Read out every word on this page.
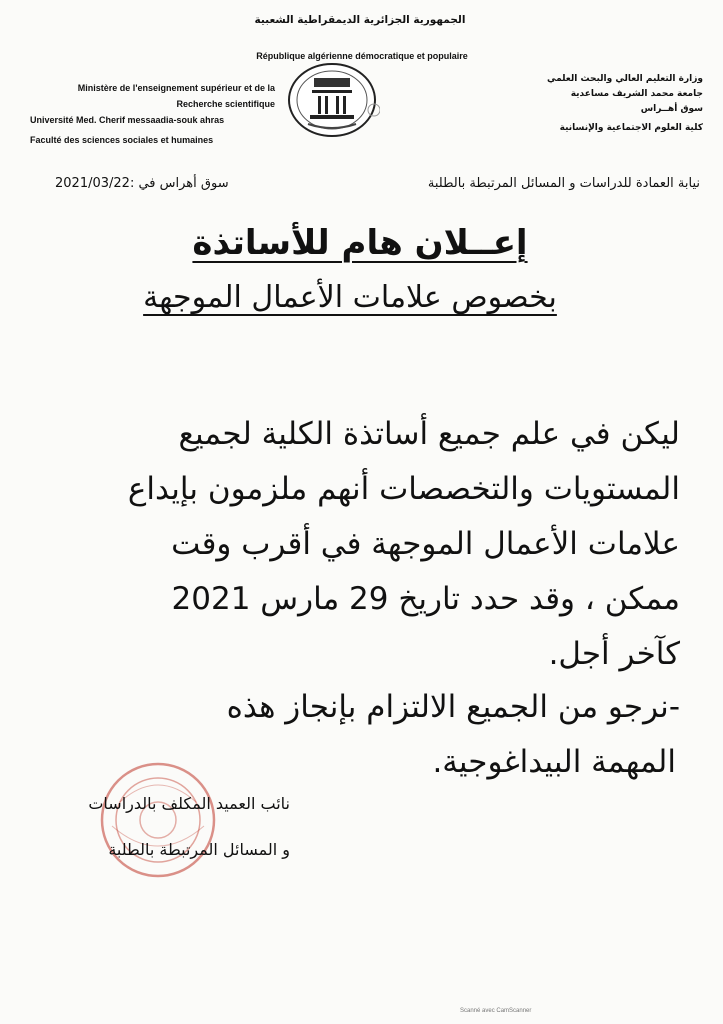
الجمهورية الجزائرية الديمقراطية الشعبية
République algérienne démocratique et populaire
Ministère de l'enseignement supérieur et de la
Recherche scientifique
Université Med. Cherif messaadia-souk ahras
Faculté des sciences sociales et humaines
وزارة التعليم العالي والبحث العلمي
جامعة محمد الشريف مساعدية
سوق أهــراس
كلية العلوم الاجتماعية والإنسانية
نيابة العمادة للدراسات و المسائل المرتبطة بالطلبة
سوق أهراس في :2021/03/22
إعــلان هام للأساتذة
بخصوص علامات الأعمال الموجهة
ليكن في علم جميع أساتذة الكلية لجميع
المستويات والتخصصات أنهم ملزمون بإيداع
علامات الأعمال الموجهة في أقرب وقت
ممكن ، وقد حدد تاريخ 29 مارس 2021
كآخر أجل.
-نرجو من الجميع الالتزام بإنجاز هذه
المهمة البيداغوجية.
نائب العميد المكلف بالدراسات
و المسائل المرتبطة بالطلبة
Scanné avec CamScanner
